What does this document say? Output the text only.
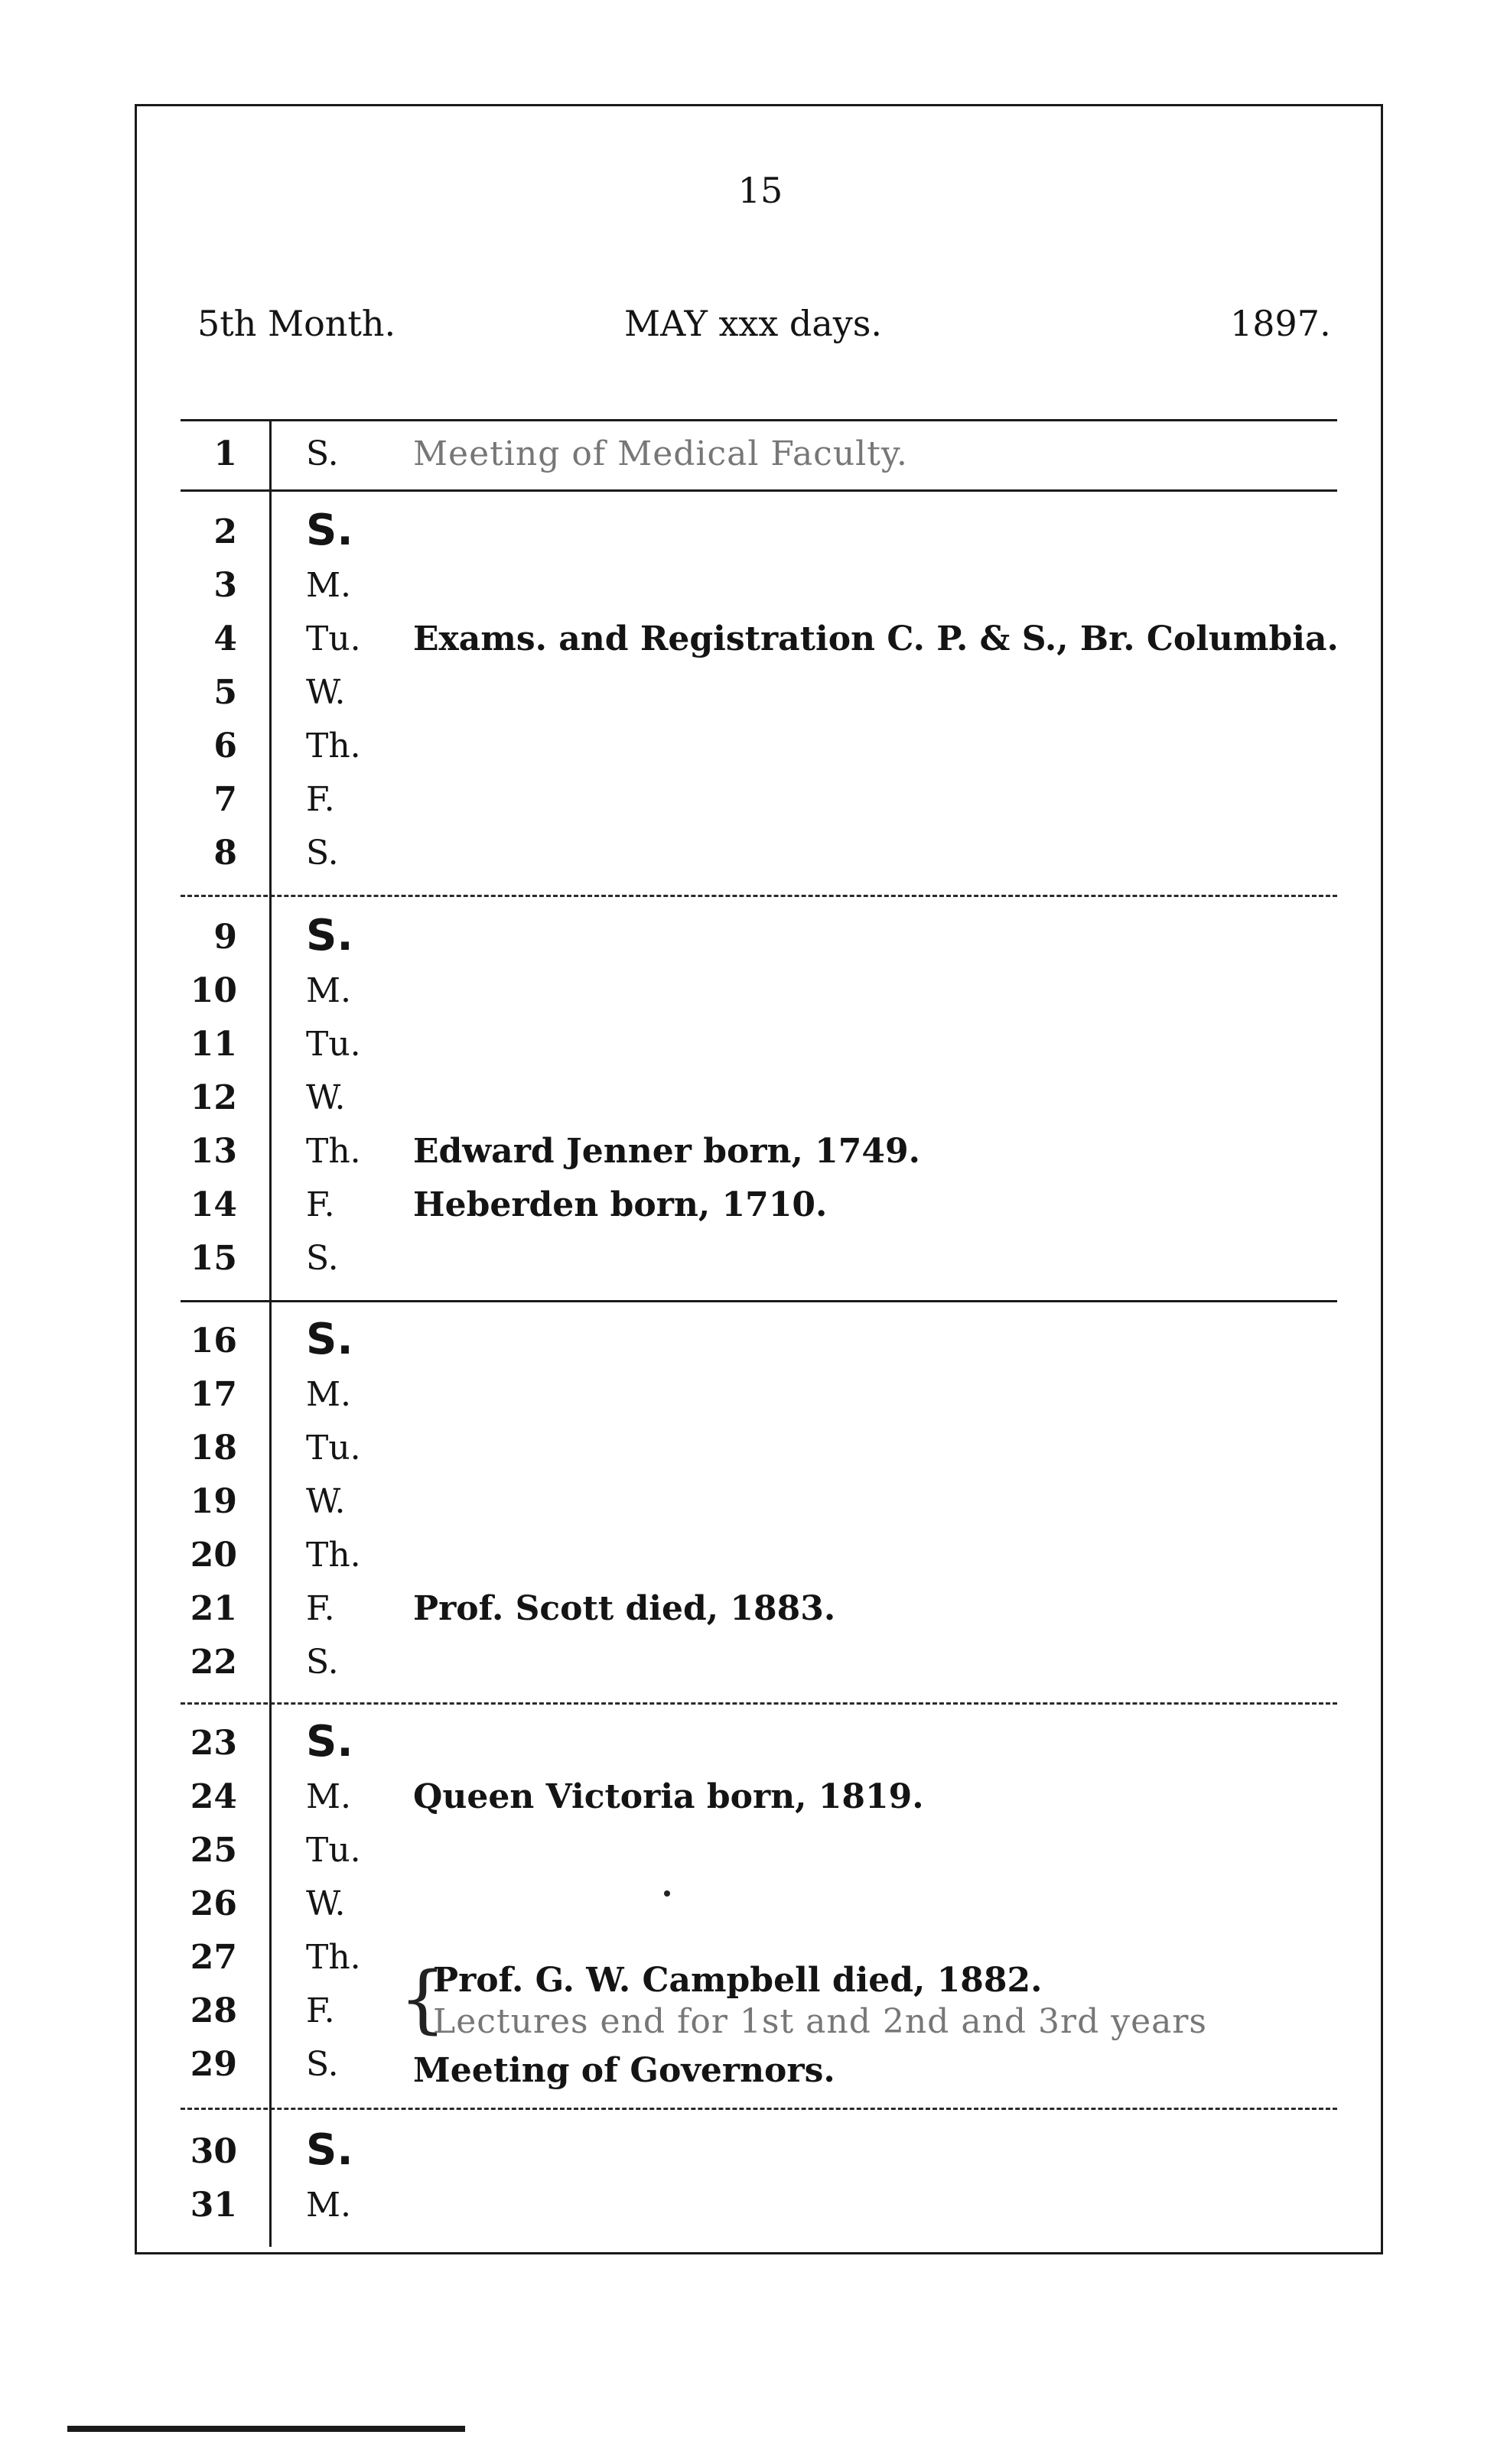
15
5th Month.	MAY xxx days.	1897.
1 S. Meeting of Medical Faculty.
2 S.
3 M.
4 Tu. Exams. and Registration C. P. & S., Br. Columbia.
5 W.
6 Th.
7 F.
8 S.
9 S.
10 M.
11 Tu.
12 W.
13 Th. Edward Jenner born, 1749.
14 F. Heberden born, 1710.
15 S.
16 S.
17 M.
18 Tu.
19 W.
20 Th.
21 F. Prof. Scott died, 1883.
22 S.
23 S.
24 M. Queen Victoria born, 1819.
25 Tu.
26 W.
27 Th.
28 F.
29 S.
30 S.
31 M.
{
Prof. G. W. Campbell died, 1882.
Lectures end for 1st and 2nd and 3rd years
Meeting of Governors.
